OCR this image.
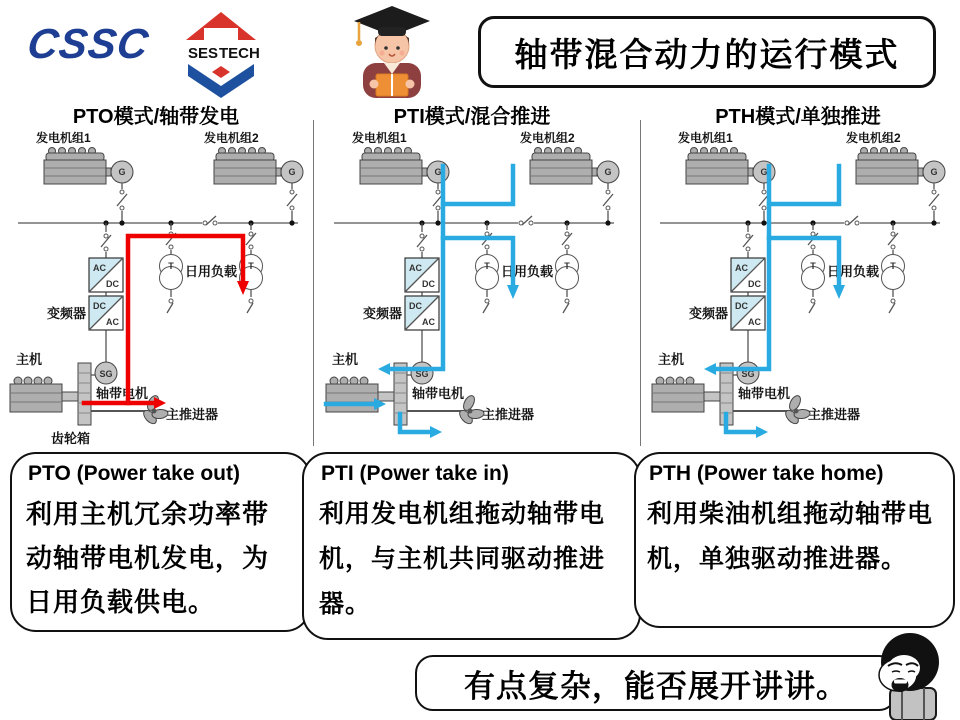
CSSC SES TECH	轴带混合动力的运行模式
PTO模式/轴带发电
G
发电机组1
G
发电机组2
AC
DC
DC
AC
变频器
T	T
日用负载
主机
SG
轴带电机
主推进器
齿轮箱
PTI模式/混合推进
G
发电机组1
G
发电机组2
AC
DC
DC
AC
变频器
T	T
日用负载
主机
SG
轴带电机
主推进器
PTH模式/单独推进
G
发电机组1
G
发电机组2
AC
DC
DC
AC
变频器
T	T
日用负载
主机
SG
轴带电机
主推进器
PTO (Power take out)
利用主机冗余功率带动轴带电机发电，为日用负载供电。
PTI (Power take in)
利用发电机组拖动轴带电机，与主机共同驱动推进器。
PTH (Power take home)
利用柴油机组拖动轴带电机，单独驱动推进器。
有点复杂，能否展开讲讲。
